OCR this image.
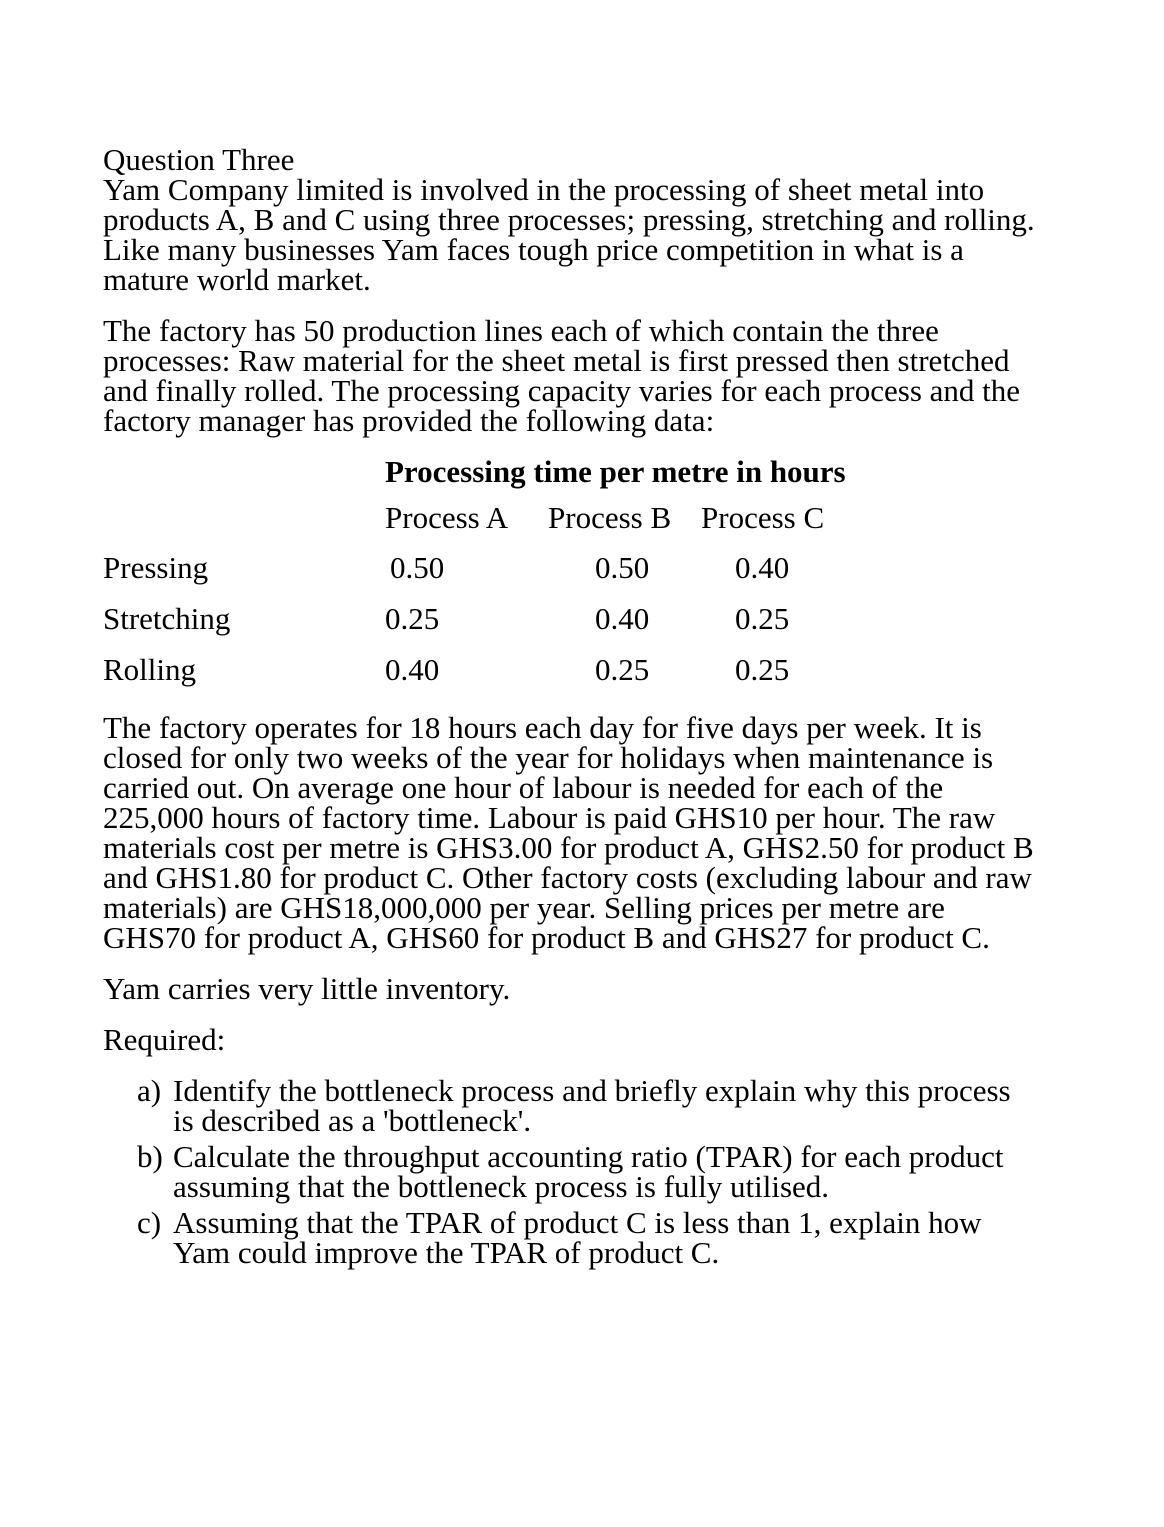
Question Three

Yam Company limited is involved in the processing of sheet metal into products A, B and C using three processes; pressing, stretching and rolling. Like many businesses Yam faces tough price competition in what is a mature world market.

The factory has 50 production lines each of which contain the three processes: Raw material for the sheet metal is first pressed then stretched and finally rolled. The processing capacity varies for each process and the factory manager has provided the following data:

Processing time per metre in hours
Process A Process B Process C
Pressing	0.50	0.50	0.40
Stretching	0.25	0.40	0.25
Rolling	0.40	0.25	0.25

The factory operates for 18 hours each day for five days per week. It is closed for only two weeks of the year for holidays when maintenance is carried out. On average one hour of labour is needed for each of the 225,000 hours of factory time. Labour is paid GHS10 per hour. The raw materials cost per metre is GHS3.00 for product A, GHS2.50 for product B and GHS1.80 for product C. Other factory costs (excluding labour and raw materials) are GHS18,000,000 per year. Selling prices per metre are GHS70 for product A, GHS60 for product B and GHS27 for product C.

Yam carries very little inventory.

Required:

a) Identify the bottleneck process and briefly explain why this process is described as a 'bottleneck'.
b) Calculate the throughput accounting ratio (TPAR) for each product assuming that the bottleneck process is fully utilised.
c) Assuming that the TPAR of product C is less than 1, explain how Yam could improve the TPAR of product C.
